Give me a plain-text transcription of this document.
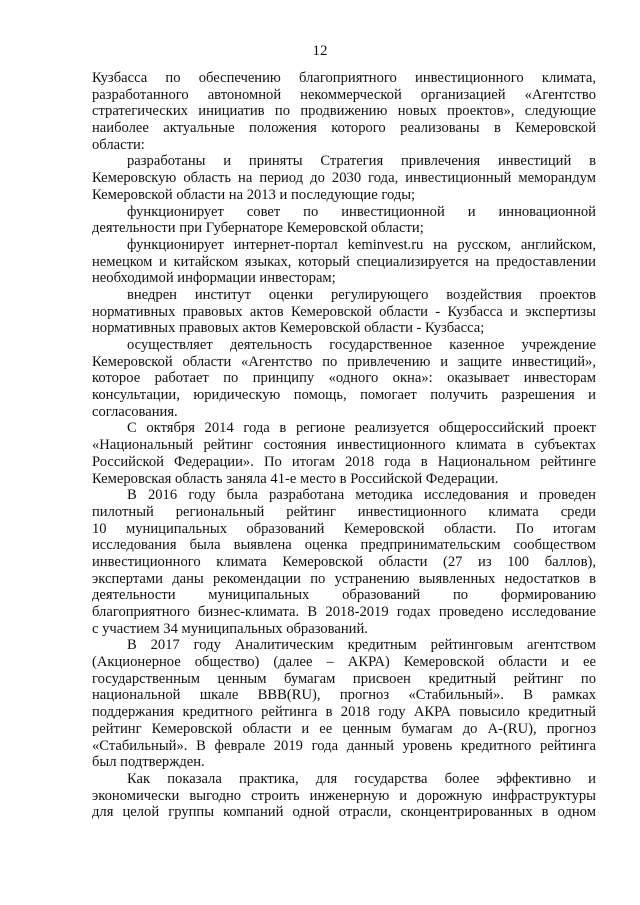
12
Кузбасса по обеспечению благоприятного инвестиционного климата,
разработанного автономной некоммерческой организацией «Агентство
стратегических инициатив по продвижению новых проектов», следующие
наиболее актуальные положения которого реализованы в Кемеровской
области:
разработаны и приняты Стратегия привлечения инвестиций в
Кемеровскую область на период до 2030 года, инвестиционный меморандум
Кемеровской области на 2013 и последующие годы;
функционирует совет по инвестиционной и инновационной
деятельности при Губернаторе Кемеровской области;
функционирует интернет-портал keminvest.ru на русском, английском,
немецком и китайском языках, который специализируется на предоставлении
необходимой информации инвесторам;
внедрен институт оценки регулирующего воздействия проектов
нормативных правовых актов Кемеровской области - Кузбасса и экспертизы
нормативных правовых актов Кемеровской области - Кузбасса;
осуществляет деятельность государственное казенное учреждение
Кемеровской области «Агентство по привлечению и защите инвестиций»,
которое работает по принципу «одного окна»: оказывает инвесторам
консультации, юридическую помощь, помогает получить разрешения и
согласования.
С октября 2014 года в регионе реализуется общероссийский проект
«Национальный рейтинг состояния инвестиционного климата в субъектах
Российской Федерации». По итогам 2018 года в Национальном рейтинге
Кемеровская область заняла 41-е место в Российской Федерации.
В 2016 году была разработана методика исследования и проведен
пилотный региональный рейтинг инвестиционного климата среди
10 муниципальных образований Кемеровской области. По итогам
исследования была выявлена оценка предпринимательским сообществом
инвестиционного климата Кемеровской области (27 из 100 баллов),
экспертами даны рекомендации по устранению выявленных недостатков в
деятельности муниципальных образований по формированию
благоприятного бизнес-климата. В 2018-2019 годах проведено исследование
с участием 34 муниципальных образований.
В 2017 году Аналитическим кредитным рейтинговым агентством
(Акционерное общество) (далее – АКРА) Кемеровской области и ее
государственным ценным бумагам присвоен кредитный рейтинг по
национальной шкале BBB(RU), прогноз «Стабильный». В рамках
поддержания кредитного рейтинга в 2018 году АКРА повысило кредитный
рейтинг Кемеровской области и ее ценным бумагам до A-(RU), прогноз
«Стабильный». В феврале 2019 года данный уровень кредитного рейтинга
был подтвержден.
Как показала практика, для государства более эффективно и
экономически выгодно строить инженерную и дорожную инфраструктуры
для целой группы компаний одной отрасли, сконцентрированных в одном
